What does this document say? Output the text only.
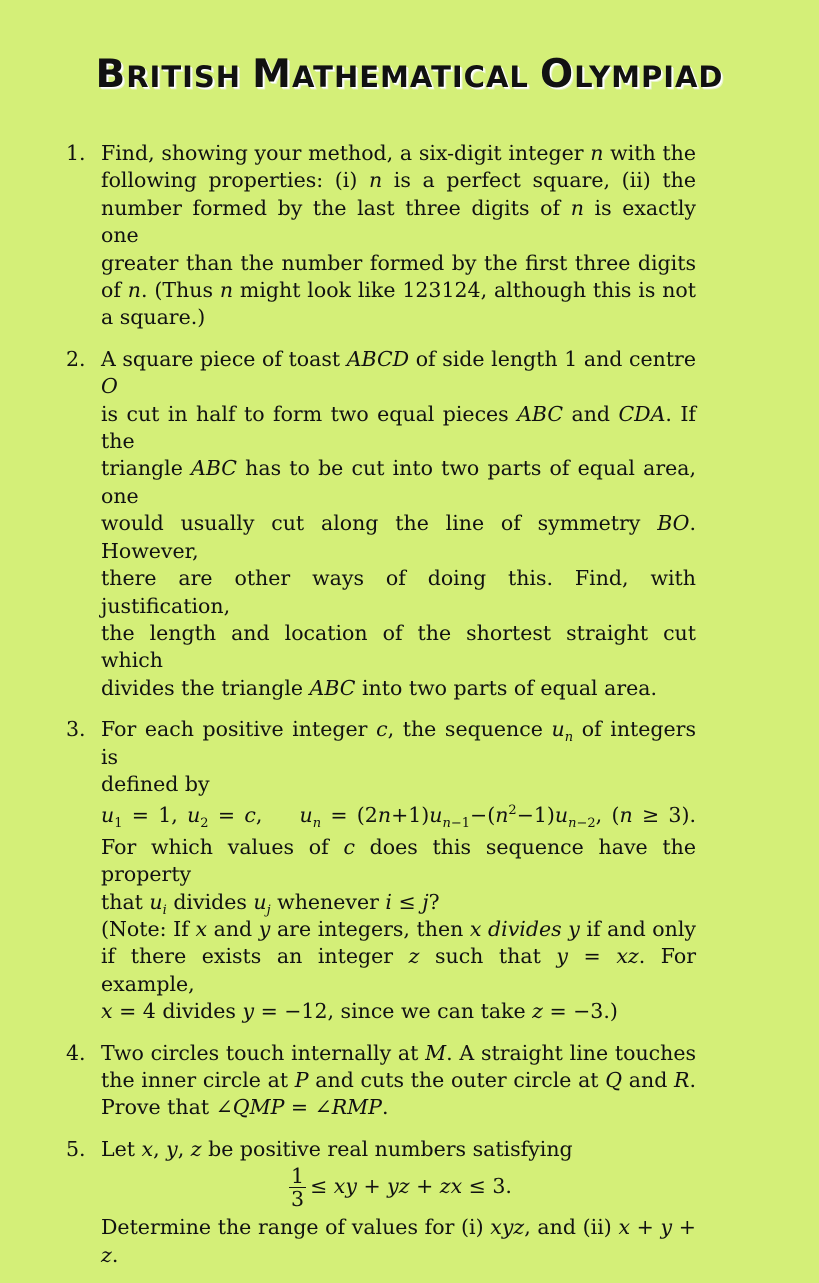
BRITISH MATHEMATICAL OLYMPIAD
1. Find, showing your method, a six-digit integer n with the
following properties: (i) n is a perfect square, (ii) the
number formed by the last three digits of n is exactly one
greater than the number formed by the first three digits
of n. (Thus n might look like 123124, although this is not
a square.)
2. A square piece of toast ABCD of side length 1 and centre O
is cut in half to form two equal pieces ABC and CDA. If the
triangle ABC has to be cut into two parts of equal area, one
would usually cut along the line of symmetry BO. However,
there are other ways of doing this. Find, with justification,
the length and location of the shortest straight cut which
divides the triangle ABC into two parts of equal area.
3. For each positive integer c, the sequence $u_n$ of integers is
defined by
$u_1 = 1$, $u_2 = c$,    $u_n = (2n+1)u_{n-1}-(n^2-1)u_{n-2}$, (n ≥ 3).
For which values of c does this sequence have the property
that $u_i$ divides $u_j$ whenever i ≤ j?
(Note: If x and y are integers, then x divides y if and only
if there exists an integer z such that y = xz. For example,
x = 4 divides y = −12, since we can take z = −3.)
4. Two circles touch internally at M. A straight line touches
the inner circle at P and cuts the outer circle at Q and R.
Prove that ∠QMP = ∠RMP.
5. Let x, y, z be positive real numbers satisfying
$\frac{1}{3}$ ≤ xy + yz + zx ≤ 3.
Determine the range of values for (i) xyz, and (ii) x + y + z.
